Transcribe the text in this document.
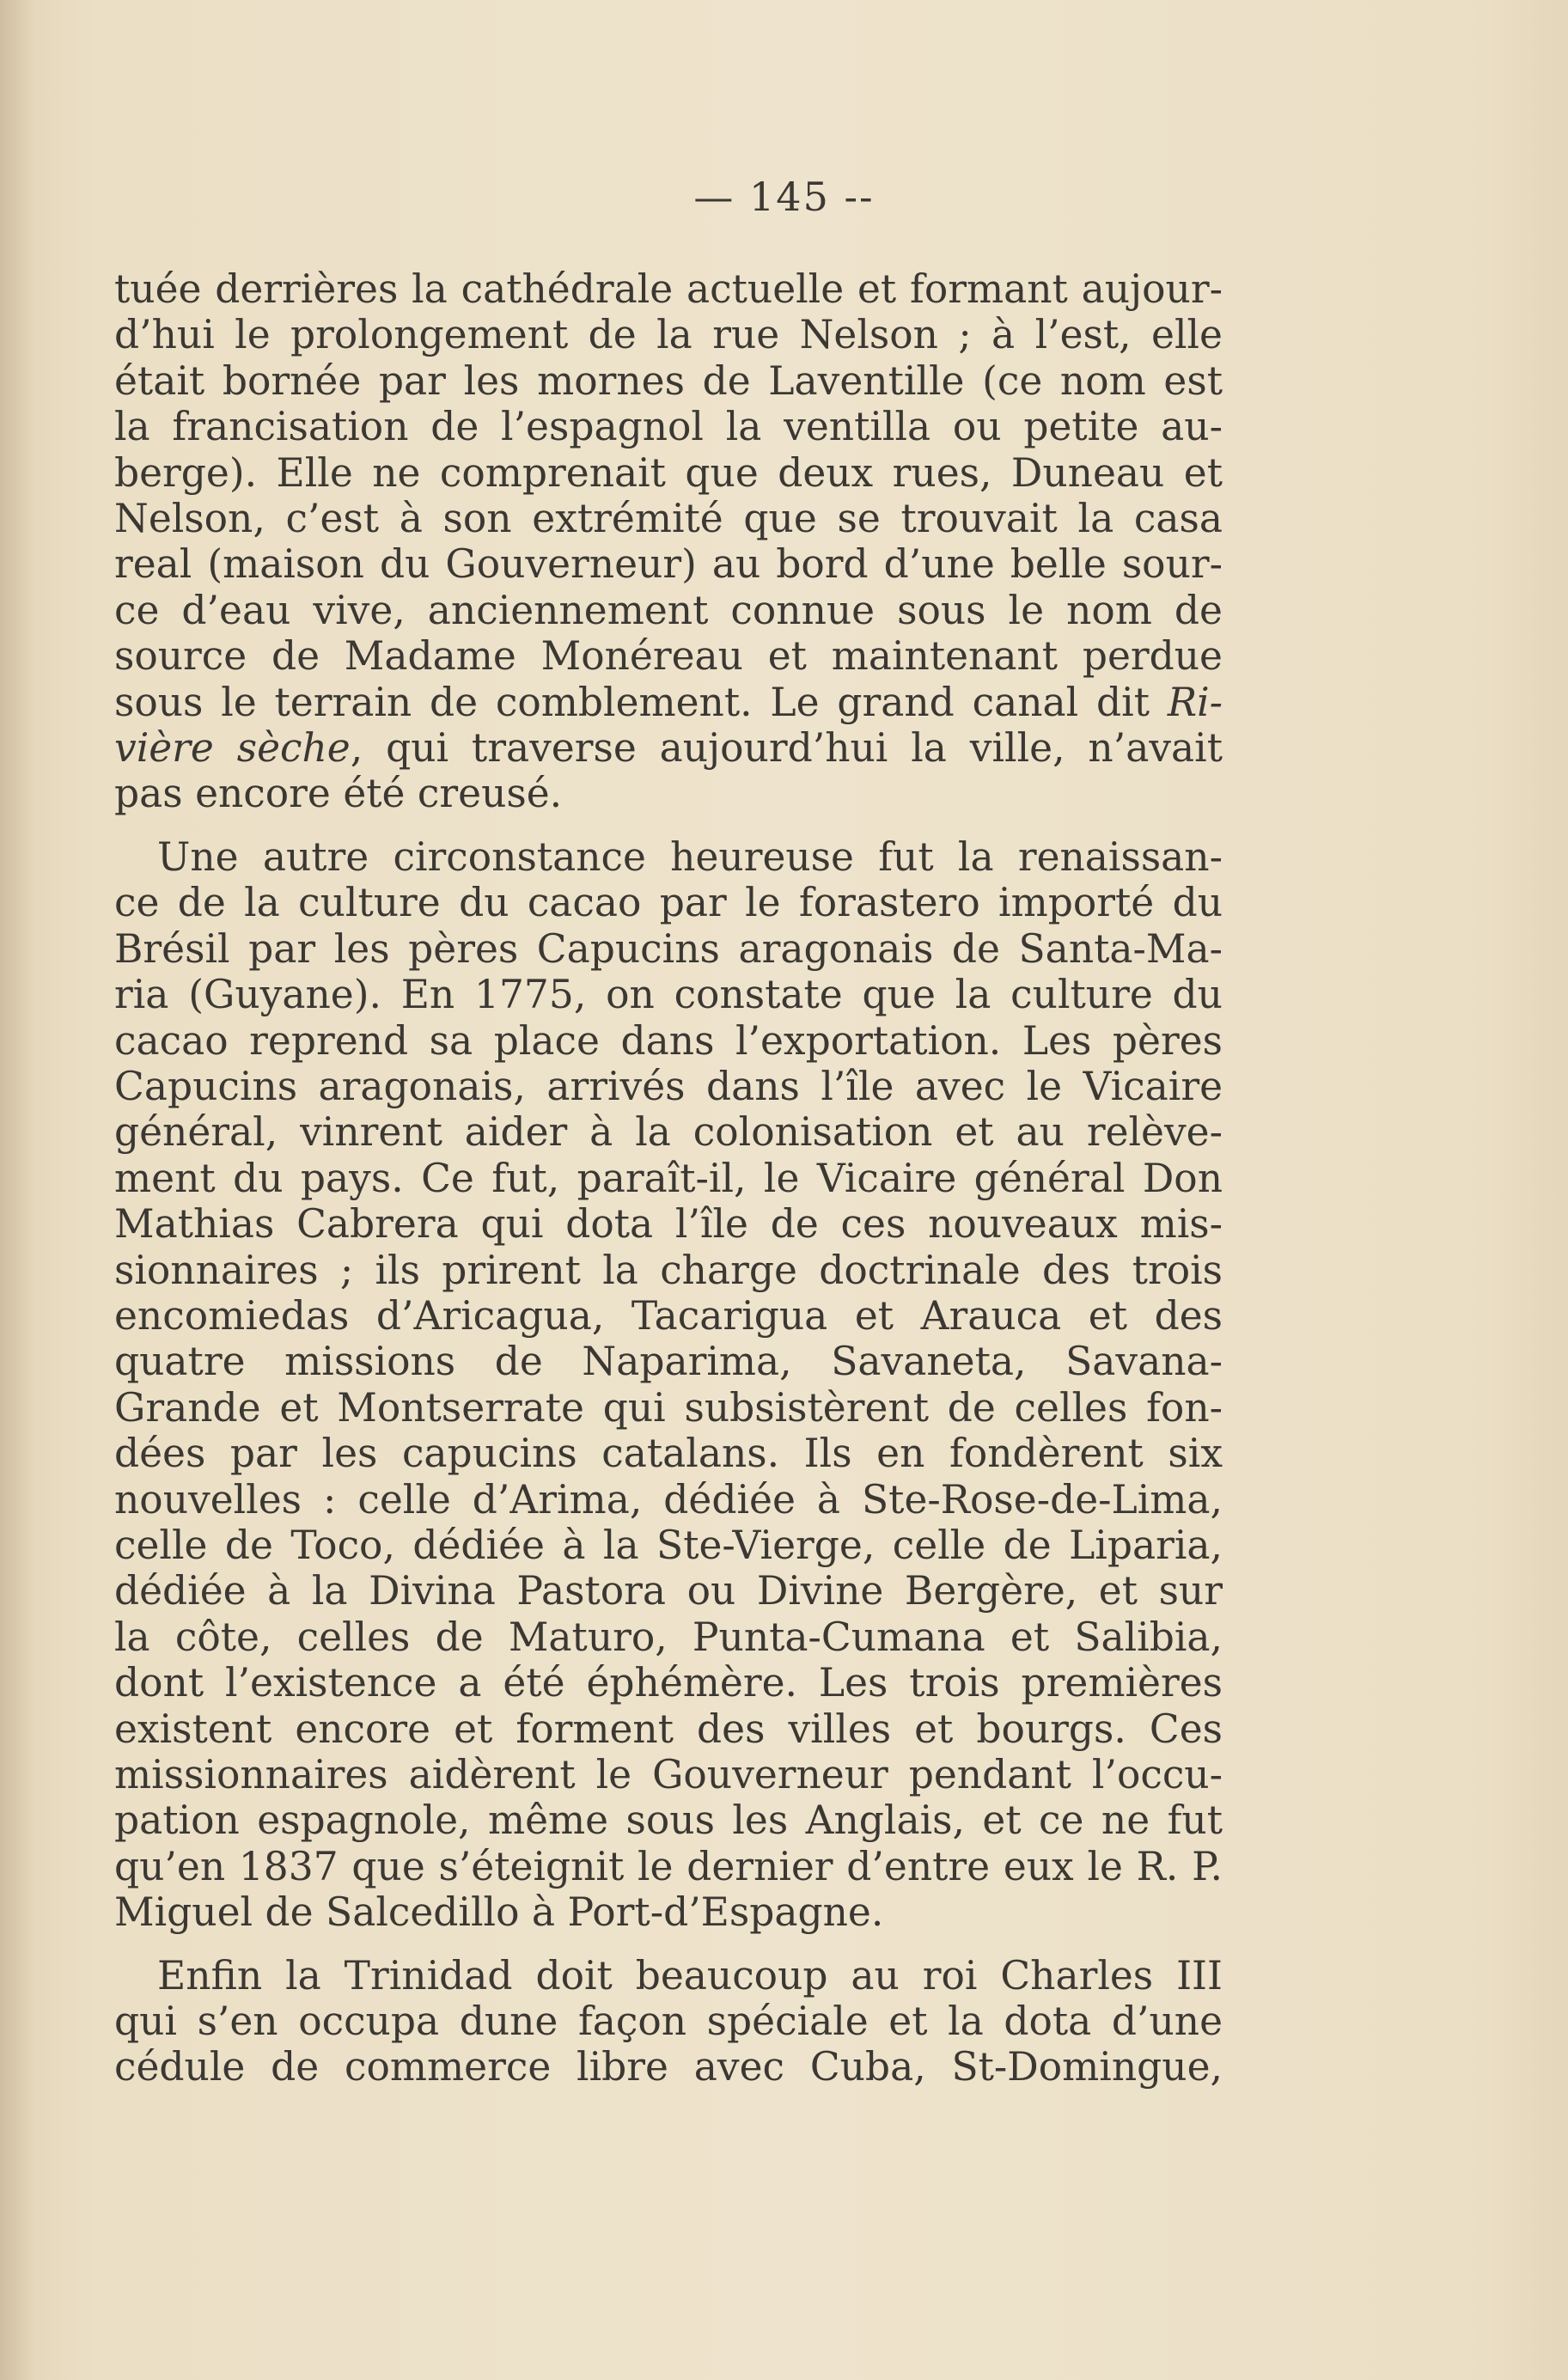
— 145 --
tuée derrières la cathédrale actuelle et formant aujour-
d’hui le prolongement de la rue Nelson ; à l’est, elle
était bornée par les mornes de Laventille (ce nom est
la francisation de l’espagnol la ventilla ou petite au-
berge). Elle ne comprenait que deux rues, Duneau et
Nelson, c’est à son extrémité que se trouvait la casa
real (maison du Gouverneur) au bord d’une belle sour-
ce d’eau vive, anciennement connue sous le nom de
source de Madame Monéreau et maintenant perdue
sous le terrain de comblement. Le grand canal dit Ri-
vière sèche, qui traverse aujourd’hui la ville, n’avait
pas encore été creusé.
Une autre circonstance heureuse fut la renaissan-
ce de la culture du cacao par le forastero importé du
Brésil par les pères Capucins aragonais de Santa-Ma-
ria (Guyane). En 1775, on constate que la culture du
cacao reprend sa place dans l’exportation. Les pères
Capucins aragonais, arrivés dans l’île avec le Vicaire
général, vinrent aider à la colonisation et au relève-
ment du pays. Ce fut, paraît-il, le Vicaire général Don
Mathias Cabrera qui dota l’île de ces nouveaux mis-
sionnaires ; ils prirent la charge doctrinale des trois
encomiedas d’Aricagua, Tacarigua et Arauca et des
quatre missions de Naparima, Savaneta, Savana-
Grande et Montserrate qui subsistèrent de celles fon-
dées par les capucins catalans. Ils en fondèrent six
nouvelles : celle d’Arima, dédiée à Ste-Rose-de-Lima,
celle de Toco, dédiée à la Ste-Vierge, celle de Liparia,
dédiée à la Divina Pastora ou Divine Bergère, et sur
la côte, celles de Maturo, Punta-Cumana et Salibia,
dont l’existence a été éphémère. Les trois premières
existent encore et forment des villes et bourgs. Ces
missionnaires aidèrent le Gouverneur pendant l’occu-
pation espagnole, même sous les Anglais, et ce ne fut
qu’en 1837 que s’éteignit le dernier d’entre eux le R. P.
Miguel de Salcedillo à Port-d’Espagne.
Enfin la Trinidad doit beaucoup au roi Charles III
qui s’en occupa dune façon spéciale et la dota d’une
cédule de commerce libre avec Cuba, St-Domingue,
